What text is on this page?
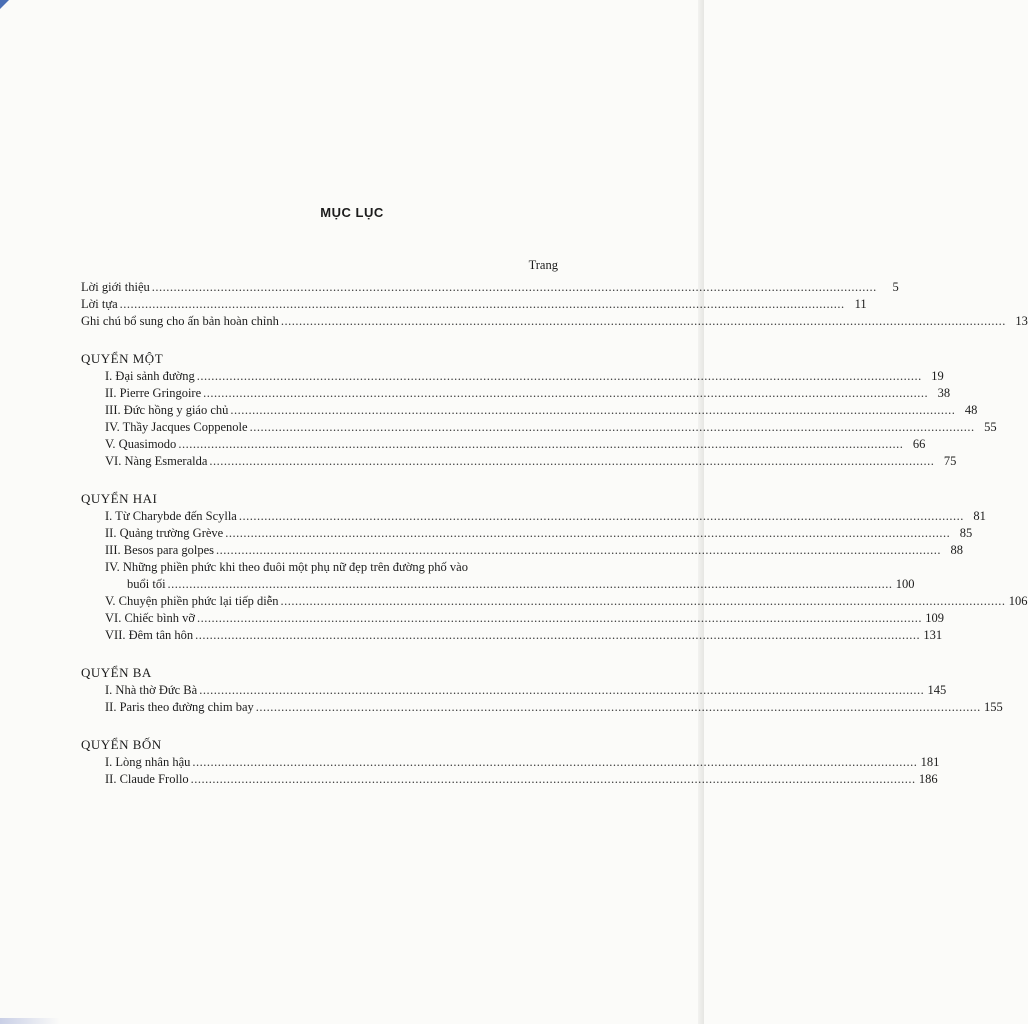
MỤC LỤC
Trang
Lời giới thiệu ........................................................................................................................................................................................................	5
Lời tựa ........................................................................................................................................................................................................ 11
Ghi chú bổ sung cho ấn bản hoàn chỉnh ........................................................................................................................................................................................................ 13
QUYỂN MỘT
I. Đại sảnh đường ........................................................................................................................................................................................................ 19
II. Pierre Gringoire ........................................................................................................................................................................................................ 38
III. Đức hồng y giáo chủ ........................................................................................................................................................................................................ 48
IV. Thầy Jacques Coppenole ........................................................................................................................................................................................................ 55
V. Quasimodo ........................................................................................................................................................................................................ 66
VI. Nàng Esmeralda ........................................................................................................................................................................................................ 75
QUYỂN HAI
I. Từ Charybde đến Scylla ........................................................................................................................................................................................................ 81
II. Quảng trường Grève ........................................................................................................................................................................................................ 85
III. Besos para golpes ........................................................................................................................................................................................................ 88
IV. Những phiền phức khi theo đuôi một phụ nữ đẹp trên đường phố vào
buổi tối ........................................................................................................................................................................................................ 100
V. Chuyện phiền phức lại tiếp diễn ........................................................................................................................................................................................................ 106
VI. Chiếc bình vỡ ........................................................................................................................................................................................................ 109
VII. Đêm tân hôn ........................................................................................................................................................................................................ 131
QUYỂN BA
I. Nhà thờ Đức Bà ........................................................................................................................................................................................................ 145
II. Paris theo đường chim bay ........................................................................................................................................................................................................ 155
QUYỂN BỐN
I. Lòng nhân hậu ........................................................................................................................................................................................................ 181
II. Claude Frollo ........................................................................................................................................................................................................ 186
